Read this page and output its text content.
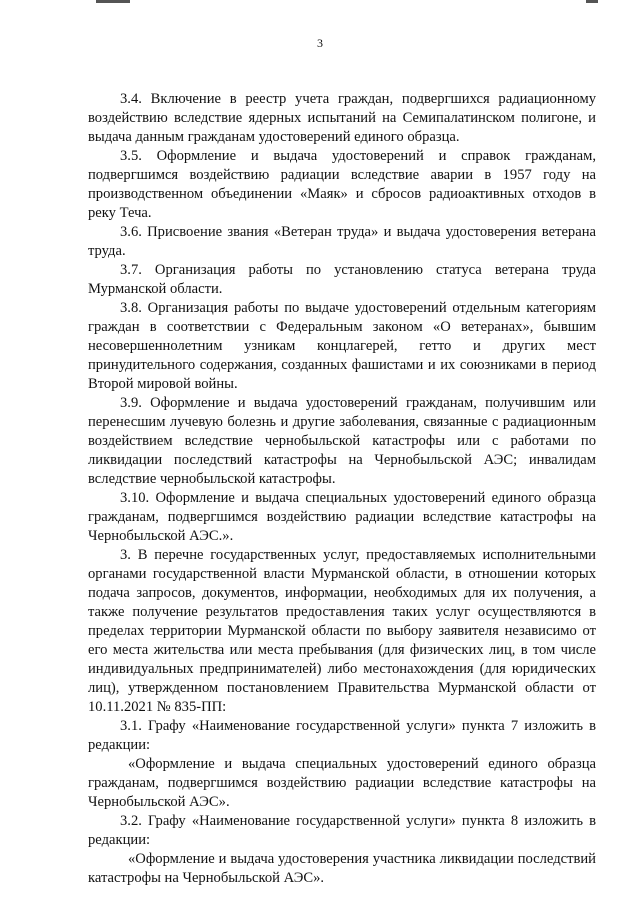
3

3.4. Включение в реестр учета граждан, подвергшихся радиационному воздействию вследствие ядерных испытаний на Семипалатинском полигоне, и выдача данным гражданам удостоверений единого образца.

3.5. Оформление и выдача удостоверений и справок гражданам, подвергшимся воздействию радиации вследствие аварии в 1957 году на производственном объединении «Маяк» и сбросов радиоактивных отходов в реку Теча.

3.6. Присвоение звания «Ветеран труда» и выдача удостоверения ветерана труда.

3.7. Организация работы по установлению статуса ветерана труда Мурманской области.

3.8. Организация работы по выдаче удостоверений отдельным категориям граждан в соответствии с Федеральным законом «О ветеранах», бывшим несовершеннолетним узникам концлагерей, гетто и других мест принудительного содержания, созданных фашистами и их союзниками в период Второй мировой войны.

3.9. Оформление и выдача удостоверений гражданам, получившим или перенесшим лучевую болезнь и другие заболевания, связанные с радиационным воздействием вследствие чернобыльской катастрофы или с работами по ликвидации последствий катастрофы на Чернобыльской АЭС; инвалидам вследствие чернобыльской катастрофы.

3.10. Оформление и выдача специальных удостоверений единого образца гражданам, подвергшимся воздействию радиации вследствие катастрофы на Чернобыльской АЭС.».

3. В перечне государственных услуг, предоставляемых исполнительными органами государственной власти Мурманской области, в отношении которых подача запросов, документов, информации, необходимых для их получения, а также получение результатов предоставления таких услуг осуществляются в пределах территории Мурманской области по выбору заявителя независимо от его места жительства или места пребывания (для физических лиц, в том числе индивидуальных предпринимателей) либо местонахождения (для юридических лиц), утвержденном постановлением Правительства Мурманской области от 10.11.2021 № 835-ПП:

3.1. Графу «Наименование государственной услуги» пункта 7 изложить в редакции:

«Оформление и выдача специальных удостоверений единого образца гражданам, подвергшимся воздействию радиации вследствие катастрофы на Чернобыльской АЭС».

3.2. Графу «Наименование государственной услуги» пункта 8 изложить в редакции:

«Оформление и выдача удостоверения участника ликвидации последствий катастрофы на Чернобыльской АЭС».
